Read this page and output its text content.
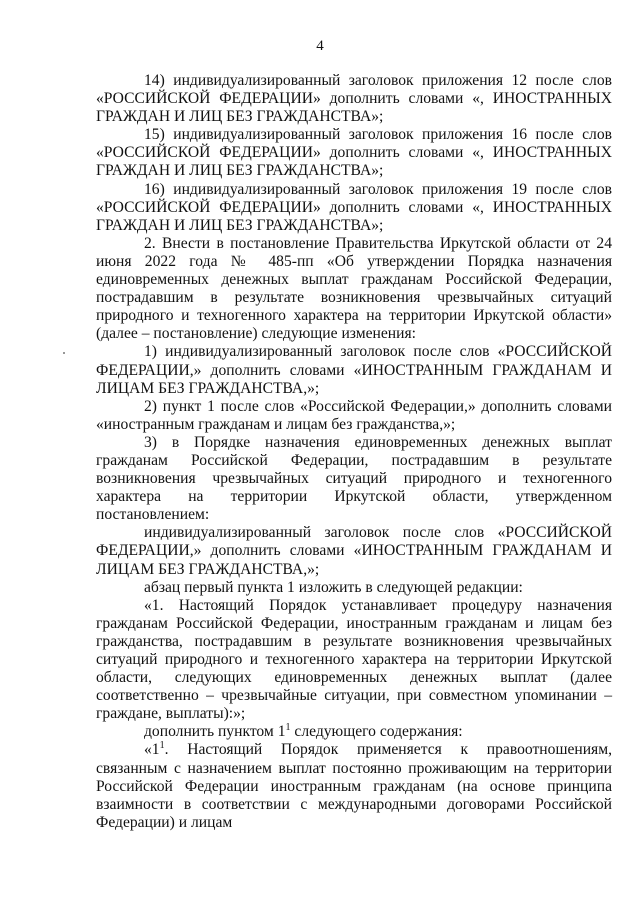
4

14) индивидуализированный заголовок приложения 12 после слов «РОССИЙСКОЙ ФЕДЕРАЦИИ» дополнить словами «, ИНОСТРАННЫХ ГРАЖДАН И ЛИЦ БЕЗ ГРАЖДАНСТВА»;

15) индивидуализированный заголовок приложения 16 после слов «РОССИЙСКОЙ ФЕДЕРАЦИИ» дополнить словами «, ИНОСТРАННЫХ ГРАЖДАН И ЛИЦ БЕЗ ГРАЖДАНСТВА»;

16) индивидуализированный заголовок приложения 19 после слов «РОССИЙСКОЙ ФЕДЕРАЦИИ» дополнить словами «, ИНОСТРАННЫХ ГРАЖДАН И ЛИЦ БЕЗ ГРАЖДАНСТВА»;

2. Внести в постановление Правительства Иркутской области от 24 июня 2022 года № 485-пп «Об утверждении Порядка назначения единовременных денежных выплат гражданам Российской Федерации, пострадавшим в результате возникновения чрезвычайных ситуаций природного и техногенного характера на территории Иркутской области» (далее – постановление) следующие изменения:

1) индивидуализированный заголовок после слов «РОССИЙСКОЙ ФЕДЕРАЦИИ,» дополнить словами «ИНОСТРАННЫМ ГРАЖДАНАМ И ЛИЦАМ БЕЗ ГРАЖДАНСТВА,»;

2) пункт 1 после слов «Российской Федерации,» дополнить словами «иностранным гражданам и лицам без гражданства,»;

3) в Порядке назначения единовременных денежных выплат гражданам Российской Федерации, пострадавшим в результате возникновения чрезвычайных ситуаций природного и техногенного характера на территории Иркутской области, утвержденном постановлением:

индивидуализированный заголовок после слов «РОССИЙСКОЙ ФЕДЕРАЦИИ,» дополнить словами «ИНОСТРАННЫМ ГРАЖДАНАМ И ЛИЦАМ БЕЗ ГРАЖДАНСТВА,»;

абзац первый пункта 1 изложить в следующей редакции:

«1. Настоящий Порядок устанавливает процедуру назначения гражданам Российской Федерации, иностранным гражданам и лицам без гражданства, пострадавшим в результате возникновения чрезвычайных ситуаций природного и техногенного характера на территории Иркутской области, следующих единовременных денежных выплат (далее соответственно – чрезвычайные ситуации, при совместном упоминании – граждане, выплаты):»;

дополнить пунктом $1^1$ следующего содержания:

«$1^1$. Настоящий Порядок применяется к правоотношениям, связанным с назначением выплат постоянно проживающим на территории Российской Федерации иностранным гражданам (на основе принципа взаимности в соответствии с международными договорами Российской Федерации) и лицам
